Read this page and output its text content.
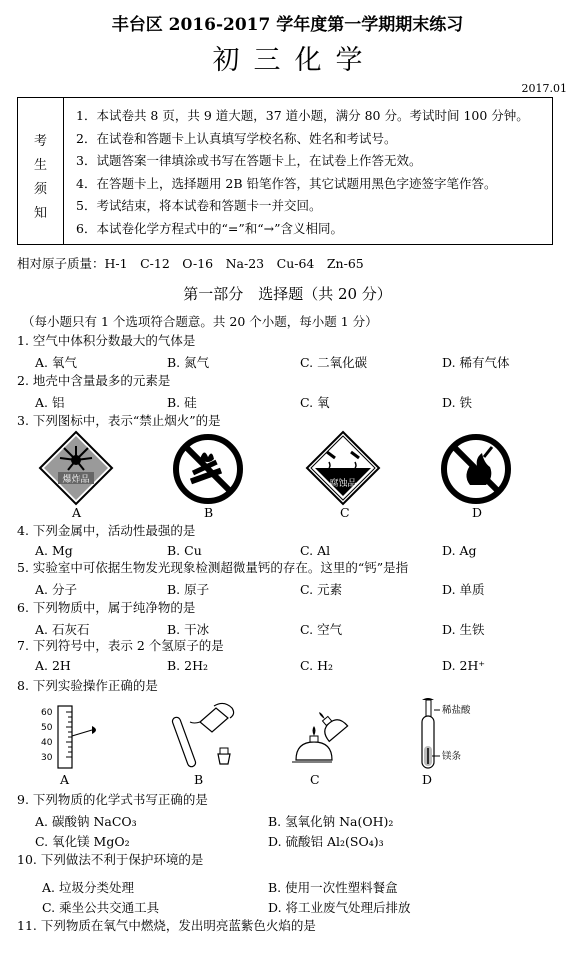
丰台区 2016-2017 学年度第一学期期末练习
初三化学
2017.01
考
生
须
知
1．本试卷共 8 页，共 9 道大题，37 道小题，满分 80 分。考试时间 100 分钟。
2．在试卷和答题卡上认真填写学校名称、姓名和考试号。
3．试题答案一律填涂或书写在答题卡上，在试卷上作答无效。
4．在答题卡上，选择题用 2B 铅笔作答，其它试题用黑色字迹签字笔作答。
5．考试结束，将本试卷和答题卡一并交回。
6．本试卷化学方程式中的“=”和“→”含义相同。
相对原子质量：H-1　C-12　O-16　Na-23　Cu-64　Zn-65
第一部分　选择题（共 20 分）
（每小题只有 1 个选项符合题意。共 20 个小题，每小题 1 分）
1. 空气中体积分数最大的气体是
A. 氧气	B. 氮气	C. 二氧化碳	D. 稀有气体
2. 地壳中含量最多的元素是
A. 铝	B. 硅	C. 氧	D. 铁
3. 下列图标中，表示“禁止烟火”的是
爆炸品	腐蚀品
A	B	C	D
4. 下列金属中，活动性最强的是
A. Mg	B. Cu	C. Al	D. Ag
5. 实验室中可依据生物发光现象检测超微量钙的存在。这里的“钙”是指
A. 分子	B. 原子	C. 元素	D. 单质
6. 下列物质中，属于纯净物的是
A. 石灰石	B. 干冰	C. 空气	D. 生铁
7. 下列符号中，表示 2 个氢原子的是
A. 2H	B. 2H₂	C. H₂	D. 2H⁺
8. 下列实验操作正确的是
60
50
40
30
稀盐酸
镁条
A	B	C	D
9. 下列物质的化学式书写正确的是
A. 碳酸钠 NaCO₃	B. 氢氧化钠 Na(OH)₂
C. 氧化镁 MgO₂	D. 硫酸铝 Al₂(SO₄)₃
10. 下列做法不利于保护环境的是
A. 垃圾分类处理	B. 使用一次性塑料餐盒
C. 乘坐公共交通工具	D. 将工业废气处理后排放
11. 下列物质在氧气中燃烧，发出明亮蓝紫色火焰的是
